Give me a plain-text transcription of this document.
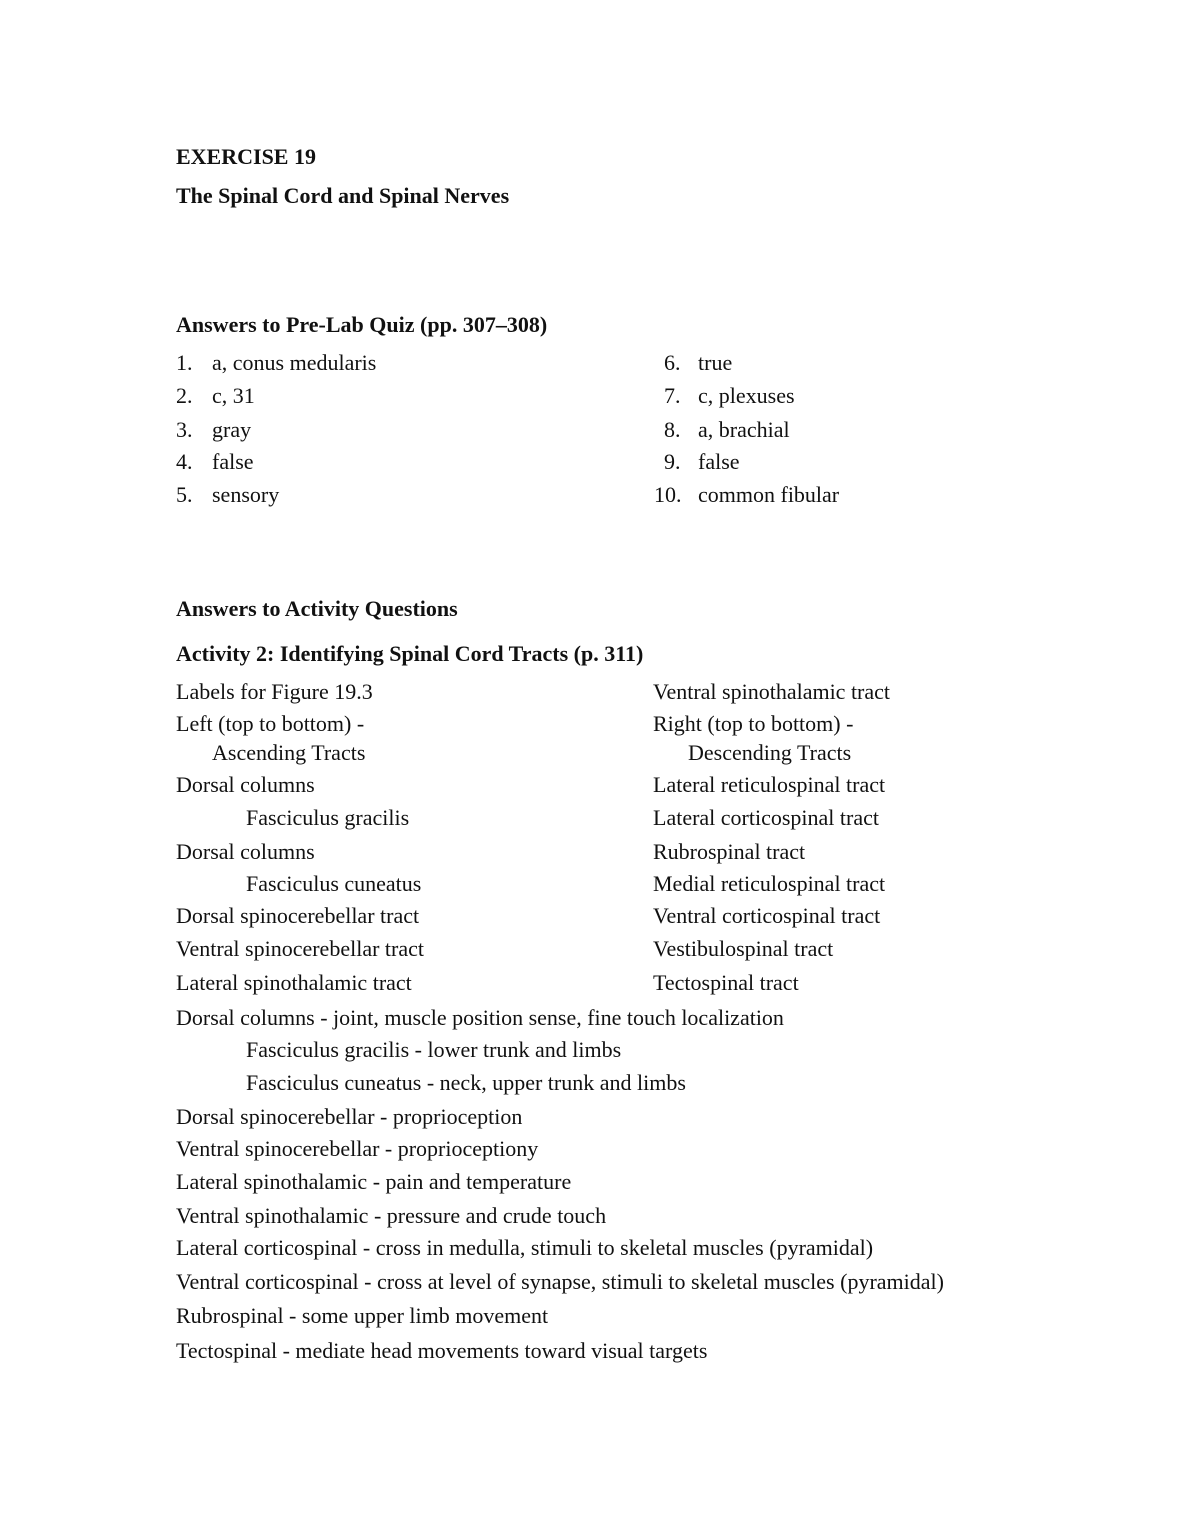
EXERCISE 19
The Spinal Cord and Spinal Nerves
Answers to Pre-Lab Quiz (pp. 307–308)
1. a, conus medularis
2. c, 31
3. gray
4. false
5. sensory
6. true
7. c, plexuses
8. a, brachial
9. false
10. common fibular
Answers to Activity Questions
Activity 2: Identifying Spinal Cord Tracts (p. 311)
Labels for Figure 19.3
Left (top to bottom) -
Ascending Tracts
Dorsal columns
Fasciculus gracilis
Dorsal columns
Fasciculus cuneatus
Dorsal spinocerebellar tract
Ventral spinocerebellar tract
Lateral spinothalamic tract
Ventral spinothalamic tract
Right (top to bottom) -
Descending Tracts
Lateral reticulospinal tract
Lateral corticospinal tract
Rubrospinal tract
Medial reticulospinal tract
Ventral corticospinal tract
Vestibulospinal tract
Tectospinal tract
Dorsal columns - joint, muscle position sense, fine touch localization
Fasciculus gracilis - lower trunk and limbs
Fasciculus cuneatus - neck, upper trunk and limbs
Dorsal spinocerebellar - proprioception
Ventral spinocerebellar - proprioceptiony
Lateral spinothalamic - pain and temperature
Ventral spinothalamic - pressure and crude touch
Lateral corticospinal - cross in medulla, stimuli to skeletal muscles (pyramidal)
Ventral corticospinal - cross at level of synapse, stimuli to skeletal muscles (pyramidal)
Rubrospinal - some upper limb movement
Tectospinal - mediate head movements toward visual targets
